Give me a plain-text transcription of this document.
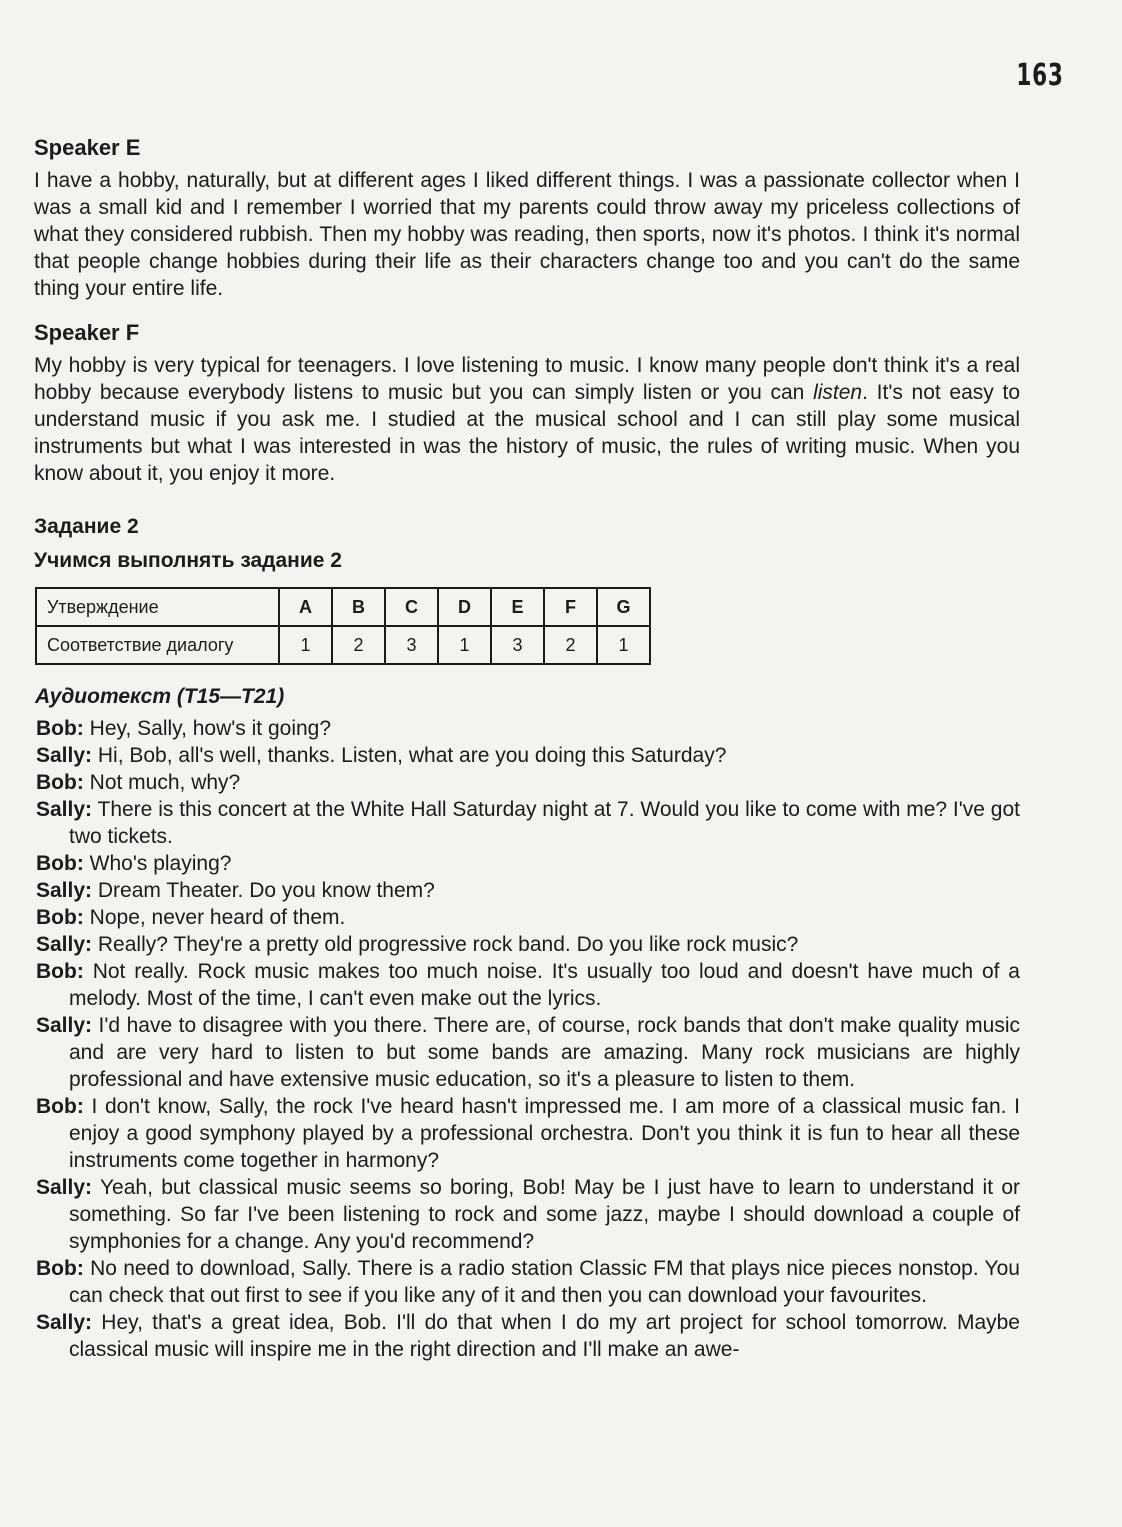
163
Speaker E

I have a hobby, naturally, but at different ages I liked different things. I was a passionate collector when I was a small kid and I remember I worried that my parents could throw away my priceless collections of what they considered rubbish. Then my hobby was reading, then sports, now it's photos. I think it's normal that people change hobbies during their life as their characters change too and you can't do the same thing your entire life.

Speaker F

My hobby is very typical for teenagers. I love listening to music. I know many people don't think it's a real hobby because everybody listens to music but you can simply listen or you can listen. It's not easy to understand music if you ask me. I studied at the musical school and I can still play some musical instruments but what I was interested in was the history of music, the rules of writing music. When you know about it, you enjoy it more.

Задание 2
Учимся выполнять задание 2
Утверждение	A	B	C	D	E	F	G
Соответствие диалогу	1	2	3	1	3	2	1
Аудиотекст (T15—T21)

Bob: Hey, Sally, how's it going?

Sally: Hi, Bob, all's well, thanks. Listen, what are you doing this Saturday?

Bob: Not much, why?

Sally: There is this concert at the White Hall Saturday night at 7. Would you like to come with me? I've got two tickets.

Bob: Who's playing?

Sally: Dream Theater. Do you know them?

Bob: Nope, never heard of them.

Sally: Really? They're a pretty old progressive rock band. Do you like rock music?

Bob: Not really. Rock music makes too much noise. It's usually too loud and doesn't have much of a melody. Most of the time, I can't even make out the lyrics.

Sally: I'd have to disagree with you there. There are, of course, rock bands that don't make quality music and are very hard to listen to but some bands are amazing. Many rock musicians are highly professional and have extensive music education, so it's a pleasure to listen to them.

Bob: I don't know, Sally, the rock I've heard hasn't impressed me. I am more of a classical music fan. I enjoy a good symphony played by a professional orchestra. Don't you think it is fun to hear all these instruments come together in harmony?

Sally: Yeah, but classical music seems so boring, Bob! May be I just have to learn to understand it or something. So far I've been listening to rock and some jazz, maybe I should download a couple of symphonies for a change. Any you'd recommend?

Bob: No need to download, Sally. There is a radio station Classic FM that plays nice pieces nonstop. You can check that out first to see if you like any of it and then you can download your favourites.

Sally: Hey, that's a great idea, Bob. I'll do that when I do my art project for school tomorrow. Maybe classical music will inspire me in the right direction and I'll make an awe-
